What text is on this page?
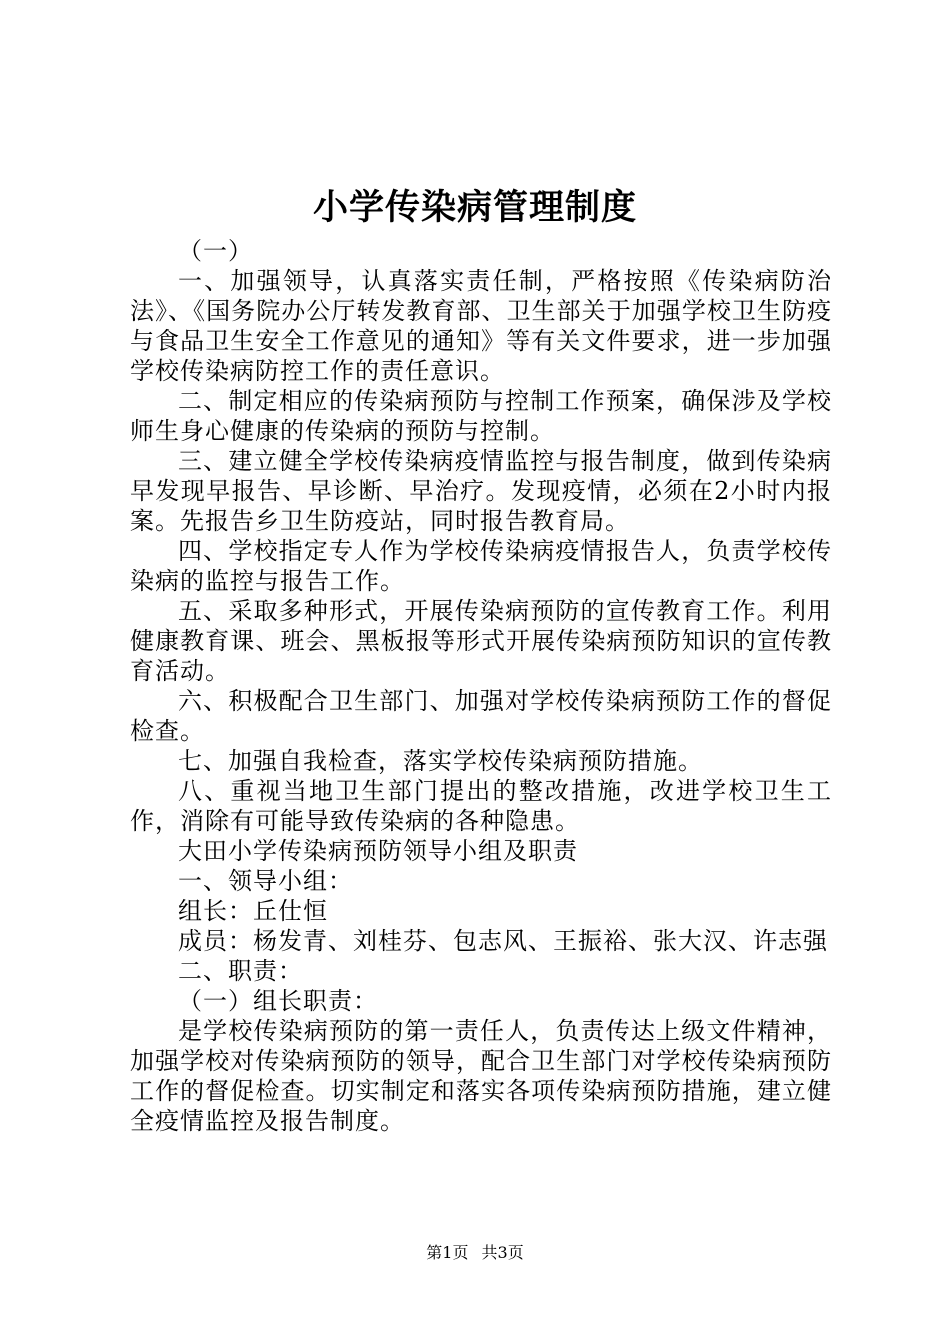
小学传染病管理制度

（一）

一、加强领导，认真落实责任制，严格按照《传染病防治法》、《国务院办公厅转发教育部、卫生部关于加强学校卫生防疫与食品卫生安全工作意见的通知》等有关文件要求，进一步加强学校传染病防控工作的责任意识。

二、制定相应的传染病预防与控制工作预案，确保涉及学校师生身心健康的传染病的预防与控制。

三、建立健全学校传染病疫情监控与报告制度，做到传染病早发现早报告、早诊断、早治疗。发现疫情，必须在2小时内报案。先报告乡卫生防疫站，同时报告教育局。

四、学校指定专人作为学校传染病疫情报告人，负责学校传染病的监控与报告工作。

五、采取多种形式，开展传染病预防的宣传教育工作。利用健康教育课、班会、黑板报等形式开展传染病预防知识的宣传教育活动。

六、积极配合卫生部门、加强对学校传染病预防工作的督促检查。

七、加强自我检查，落实学校传染病预防措施。

八、重视当地卫生部门提出的整改措施，改进学校卫生工作，消除有可能导致传染病的各种隐患。

大田小学传染病预防领导小组及职责

一、领导小组：

组长：丘仕恒

成员：杨发青、刘桂芬、包志风、王振裕、张大汉、许志强

二、职责：

（一）组长职责：

是学校传染病预防的第一责任人，负责传达上级文件精神，加强学校对传染病预防的领导，配合卫生部门对学校传染病预防工作的督促检查。切实制定和落实各项传染病预防措施，建立健全疫情监控及报告制度。

第1页 共3页
